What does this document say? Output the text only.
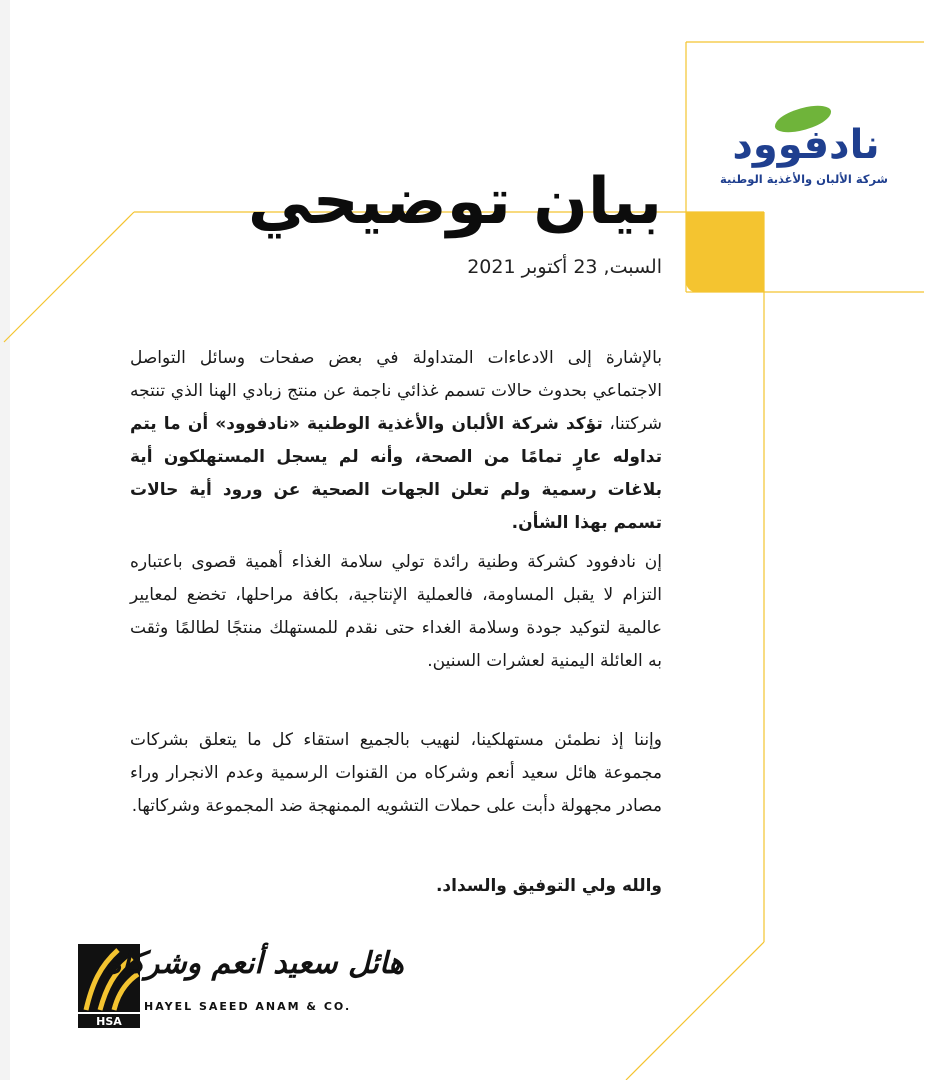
نادفوود
شركة الألبان والأغذية الوطنية
بيان توضيحي
السبت, 23 أكتوبر 2021
بالإشارة إلى الادعاءات المتداولة في بعض صفحات وسائل التواصل الاجتماعي بحدوث حالات تسمم غذائي ناجمة عن منتج زبادي الهنا الذي تنتجه شركتنا، تؤكد شركة الألبان والأغذية الوطنية «نادفوود» أن ما يتم تداوله عارٍ تمامًا من الصحة، وأنه لم يسجل المستهلكون أية بلاغات رسمية ولم تعلن الجهات الصحية عن ورود أية حالات تسمم بهذا الشأن.
إن نادفوود كشركة وطنية رائدة تولي سلامة الغذاء أهمية قصوى باعتباره التزام لا يقبل المساومة، فالعملية الإنتاجية، بكافة مراحلها، تخضع لمعايير عالمية لتوكيد جودة وسلامة الغداء حتى نقدم للمستهلك منتجًا لطالمًا وثقت به العائلة اليمنية لعشرات السنين.
وإننا إذ نطمئن مستهلكينا، لنهيب بالجميع استقاء كل ما يتعلق بشركات مجموعة هائل سعيد أنعم وشركاه من القنوات الرسمية وعدم الانجرار وراء مصادر مجهولة دأبت على حملات التشويه الممنهجة ضد المجموعة وشركاتها.
والله ولي التوفيق والسداد.
HSA
هائل سعيد أنعم وشركاه
HAYEL SAEED ANAM & CO.
